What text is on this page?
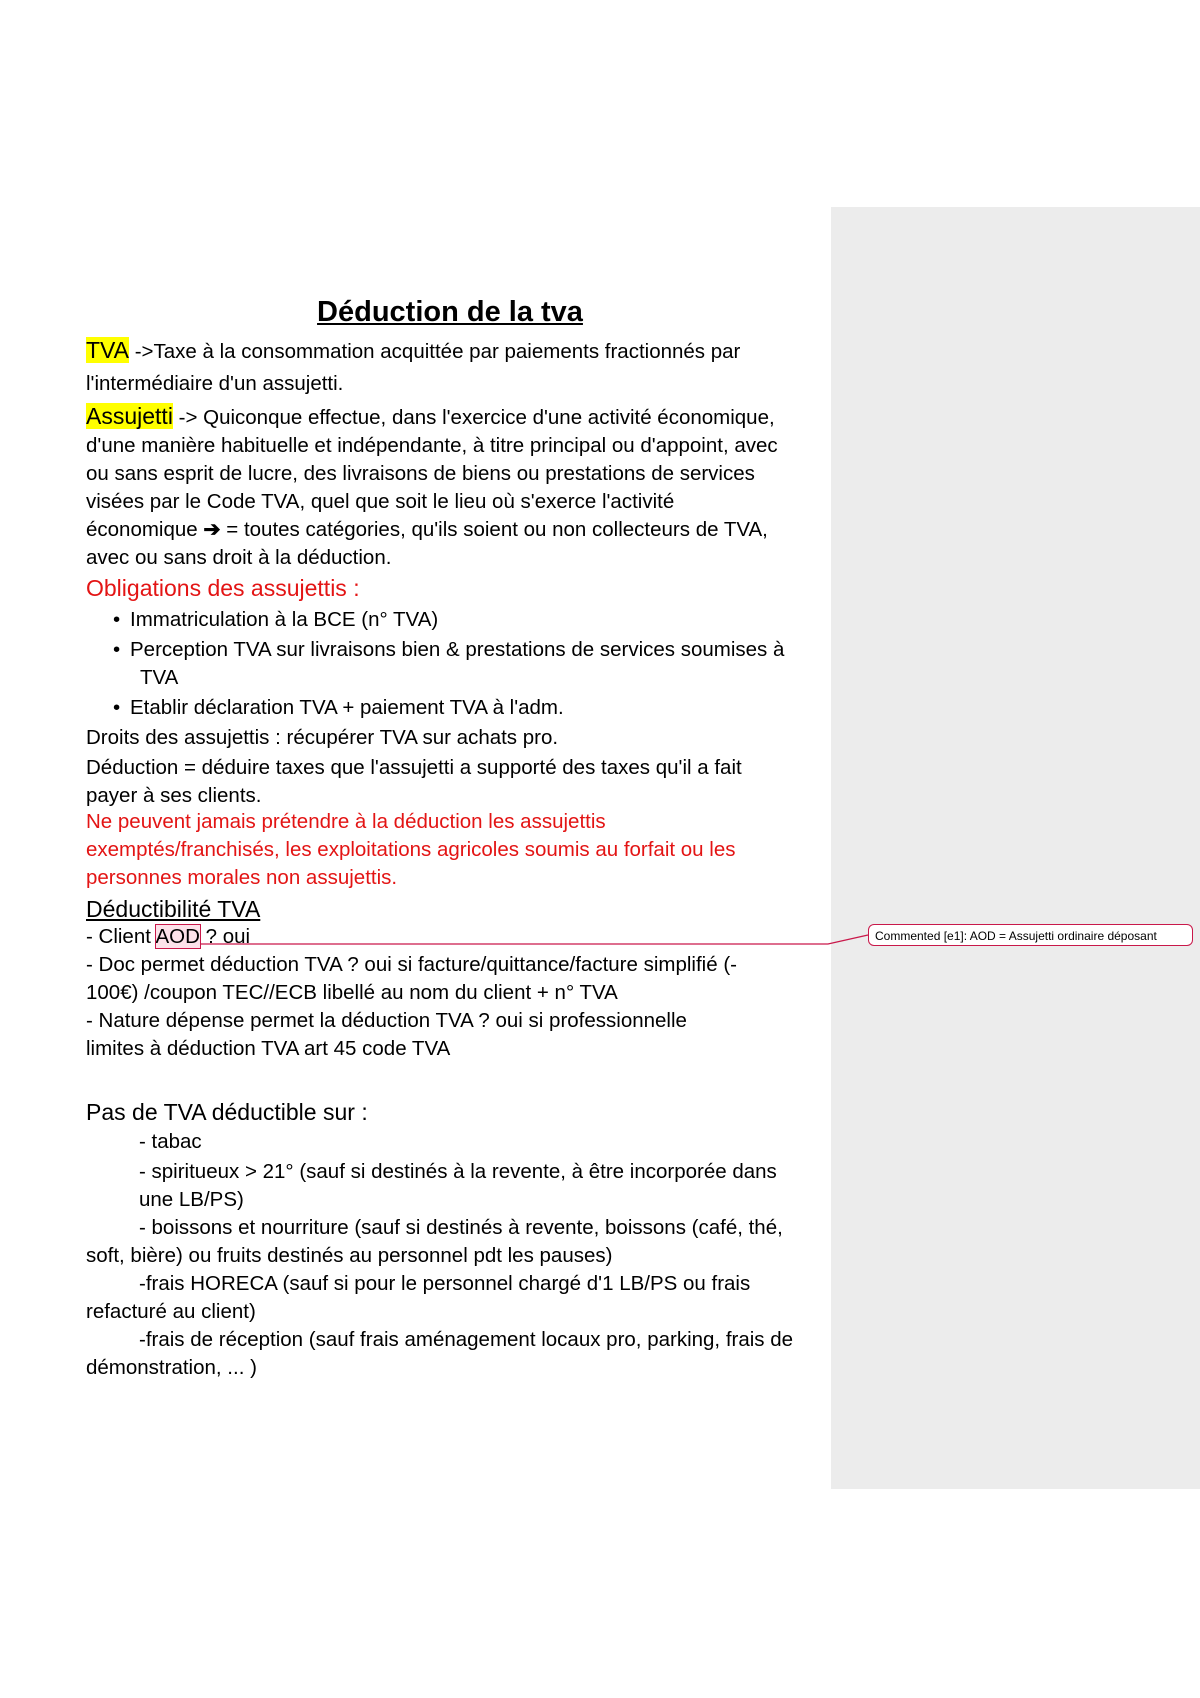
Commented [e1]: AOD = Assujetti ordinaire déposant
Déduction de la tva
TVA ->Taxe à la consommation acquittée par paiements fractionnés par
l'intermédiaire d'un assujetti.
Assujetti -> Quiconque effectue, dans l'exercice d'une activité économique,
d'une manière habituelle et indépendante, à titre principal ou d'appoint, avec
ou sans esprit de lucre, des livraisons de biens ou prestations de services
visées par le Code TVA, quel que soit le lieu où s'exerce l'activité
économique ➔ = toutes catégories, qu'ils soient ou non collecteurs de TVA,
avec ou sans droit à la déduction.
Obligations des assujettis :
• Immatriculation à la BCE (n° TVA)
• Perception TVA sur livraisons bien & prestations de services soumises à
TVA
• Etablir déclaration TVA + paiement TVA à l'adm.
Droits des assujettis : récupérer TVA sur achats pro.
Déduction = déduire taxes que l'assujetti a supporté des taxes qu'il a fait
payer à ses clients.
Ne peuvent jamais prétendre à la déduction les assujettis
exemptés/franchisés, les exploitations agricoles soumis au forfait ou les
personnes morales non assujettis.
Déductibilité TVA
- Client AOD ? oui
- Doc permet déduction TVA ? oui si facture/quittance/facture simplifié (-
100€) /coupon TEC//ECB libellé au nom du client + n° TVA
- Nature dépense permet la déduction TVA ? oui si professionnelle
limites à déduction TVA art 45 code TVA
Pas de TVA déductible sur :
- tabac
- spiritueux > 21° (sauf si destinés à la revente, à être incorporée dans
une LB/PS)
- boissons et nourriture (sauf si destinés à revente, boissons (café, thé,
soft, bière) ou fruits destinés au personnel pdt les pauses)
-frais HORECA (sauf si pour le personnel chargé d'1 LB/PS ou frais
refacturé au client)
-frais de réception (sauf frais aménagement locaux pro, parking, frais de
démonstration, ... )
